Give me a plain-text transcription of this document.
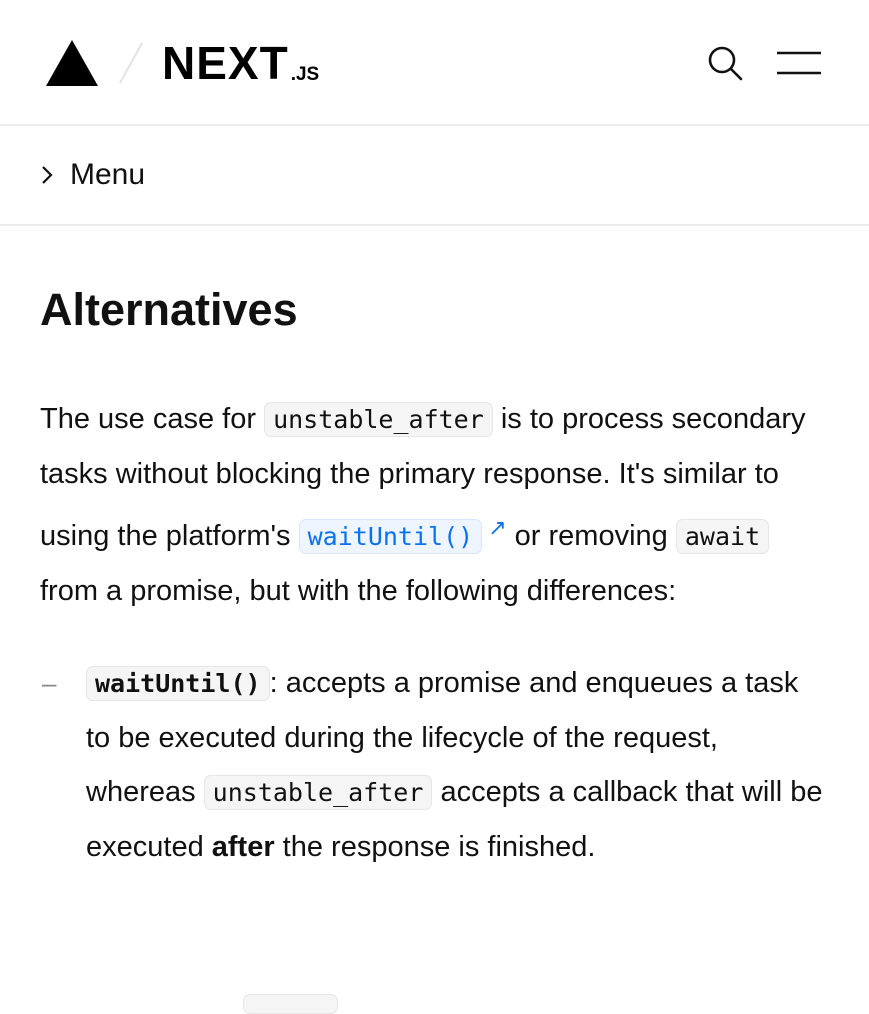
NEXT .JS
Menu
Alternatives

The use case for unstable_after is to process secondary tasks without blocking the primary response. It's similar to using the platform's waitUntil() ↗ or removing await from a promise, but with the following differences:

– waitUntil() : accepts a promise and enqueues a task to be executed during the lifecycle of the request, whereas unstable_after accepts a callback that will be executed after the response is finished.
